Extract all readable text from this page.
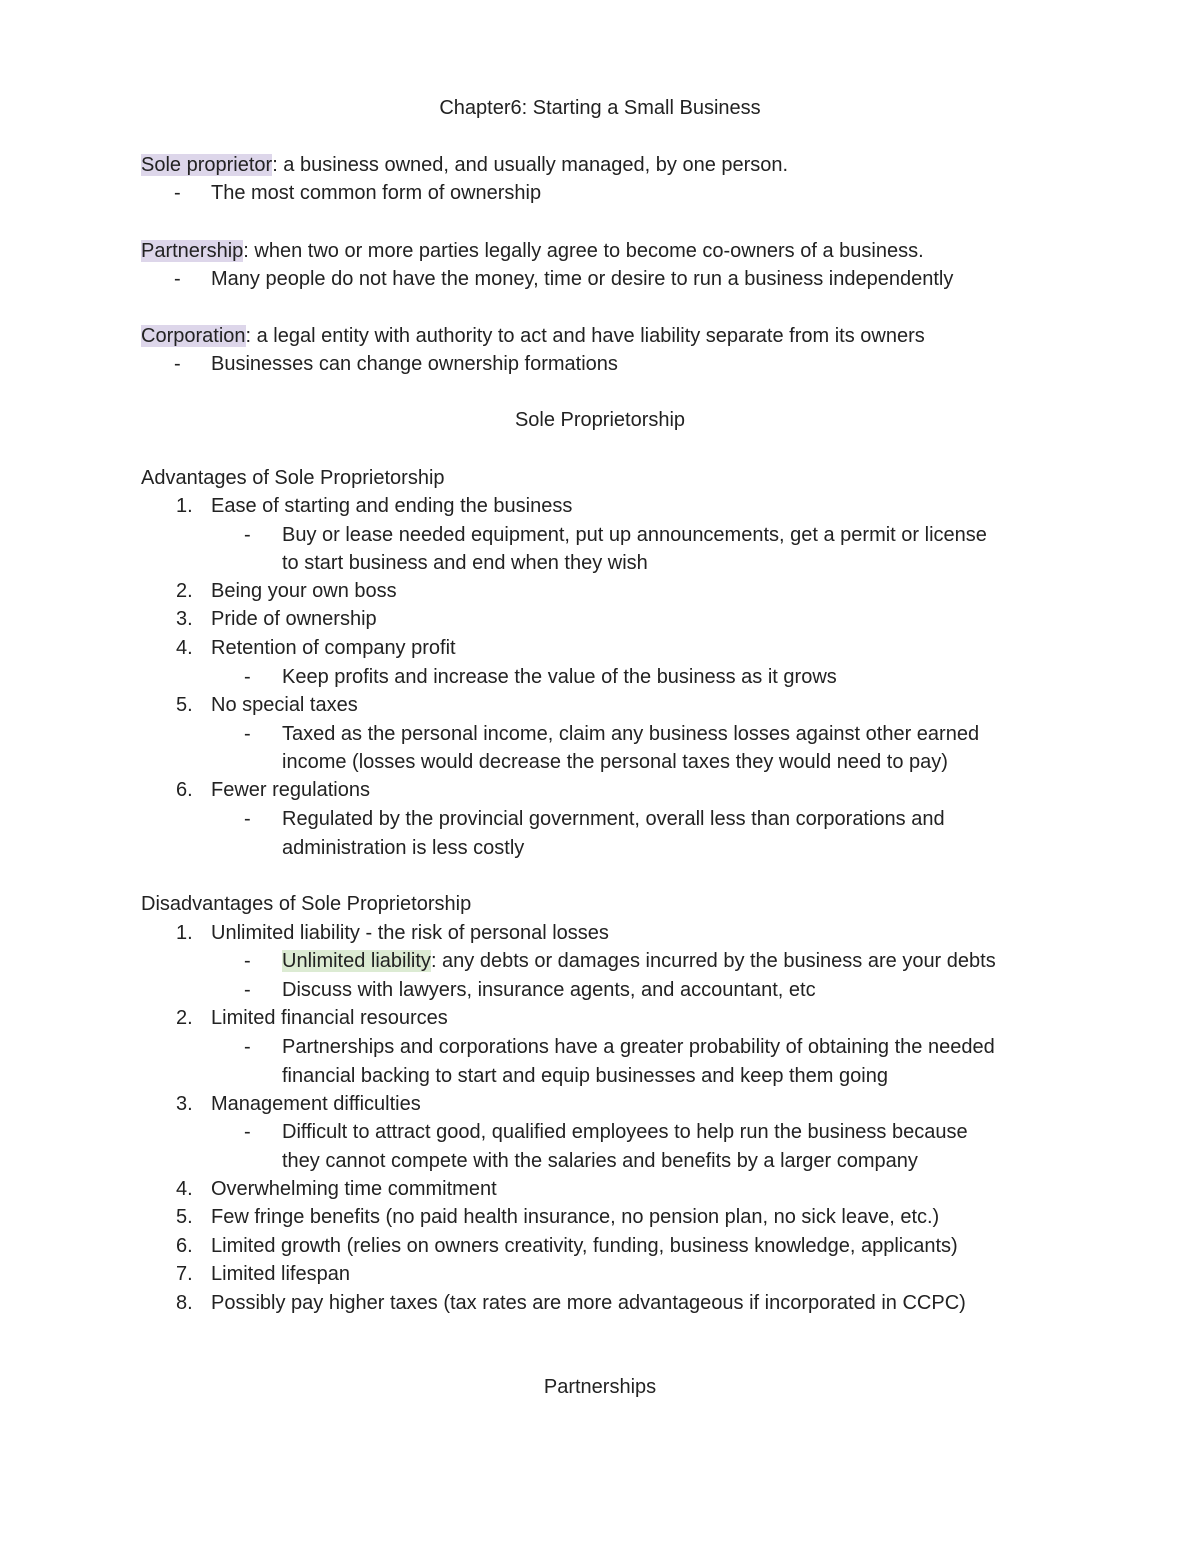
Chapter6: Starting a Small Business
Sole proprietor: a business owned, and usually managed, by one person.
- The most common form of ownership
Partnership: when two or more parties legally agree to become co-owners of a business.
- Many people do not have the money, time or desire to run a business independently
Corporation: a legal entity with authority to act and have liability separate from its owners
- Businesses can change ownership formations
Sole Proprietorship
Advantages of Sole Proprietorship
1. Ease of starting and ending the business
- Buy or lease needed equipment, put up announcements, get a permit or license
to start business and end when they wish
2. Being your own boss
3. Pride of ownership
4. Retention of company profit
- Keep profits and increase the value of the business as it grows
5. No special taxes
- Taxed as the personal income, claim any business losses against other earned
income (losses would decrease the personal taxes they would need to pay)
6. Fewer regulations
- Regulated by the provincial government, overall less than corporations and
administration is less costly
Disadvantages of Sole Proprietorship
1. Unlimited liability - the risk of personal losses
- Unlimited liability: any debts or damages incurred by the business are your debts
- Discuss with lawyers, insurance agents, and accountant, etc
2. Limited financial resources
- Partnerships and corporations have a greater probability of obtaining the needed
financial backing to start and equip businesses and keep them going
3. Management difficulties
- Difficult to attract good, qualified employees to help run the business because
they cannot compete with the salaries and benefits by a larger company
4. Overwhelming time commitment
5. Few fringe benefits (no paid health insurance, no pension plan, no sick leave, etc.)
6. Limited growth (relies on owners creativity, funding, business knowledge, applicants)
7. Limited lifespan
8. Possibly pay higher taxes (tax rates are more advantageous if incorporated in CCPC)
Partnerships
